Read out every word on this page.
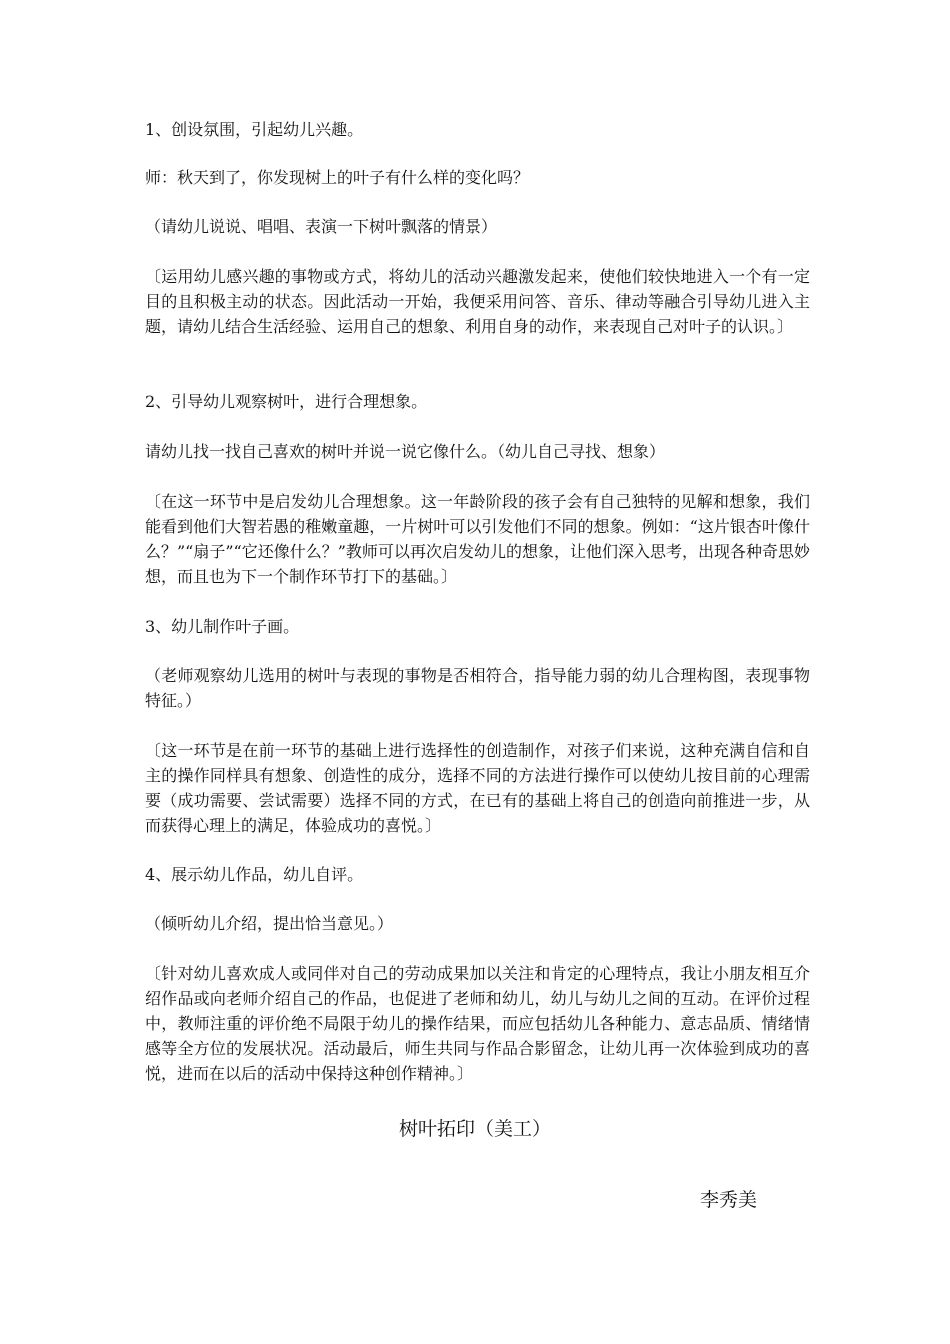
1、创设氛围，引起幼儿兴趣。

师：秋天到了，你发现树上的叶子有什么样的变化吗？

（请幼儿说说、唱唱、表演一下树叶飘落的情景）

〔运用幼儿感兴趣的事物或方式，将幼儿的活动兴趣激发起来，使他们较快地进入一个有一定目的且积极主动的状态。因此活动一开始，我便采用问答、音乐、律动等融合引导幼儿进入主题，请幼儿结合生活经验、运用自己的想象、利用自身的动作，来表现自己对叶子的认识。〕

2、引导幼儿观察树叶，进行合理想象。

请幼儿找一找自己喜欢的树叶并说一说它像什么。（幼儿自己寻找、想象）

〔在这一环节中是启发幼儿合理想象。这一年龄阶段的孩子会有自己独特的见解和想象，我们能看到他们大智若愚的稚嫩童趣，一片树叶可以引发他们不同的想象。例如：“这片银杏叶像什么？”“扇子”“它还像什么？”教师可以再次启发幼儿的想象，让他们深入思考，出现各种奇思妙想，而且也为下一个制作环节打下的基础。〕

3、幼儿制作叶子画。

（老师观察幼儿选用的树叶与表现的事物是否相符合，指导能力弱的幼儿合理构图，表现事物特征。）

〔这一环节是在前一环节的基础上进行选择性的创造制作，对孩子们来说，这种充满自信和自主的操作同样具有想象、创造性的成分，选择不同的方法进行操作可以使幼儿按目前的心理需要（成功需要、尝试需要）选择不同的方式，在已有的基础上将自己的创造向前推进一步，从而获得心理上的满足，体验成功的喜悦。〕

4、展示幼儿作品，幼儿自评。

（倾听幼儿介绍，提出恰当意见。）

〔针对幼儿喜欢成人或同伴对自己的劳动成果加以关注和肯定的心理特点，我让小朋友相互介绍作品或向老师介绍自己的作品，也促进了老师和幼儿，幼儿与幼儿之间的互动。在评价过程中，教师注重的评价绝不局限于幼儿的操作结果，而应包括幼儿各种能力、意志品质、情绪情感等全方位的发展状况。活动最后，师生共同与作品合影留念，让幼儿再一次体验到成功的喜悦，进而在以后的活动中保持这种创作精神。〕

树叶拓印（美工）

李秀美
